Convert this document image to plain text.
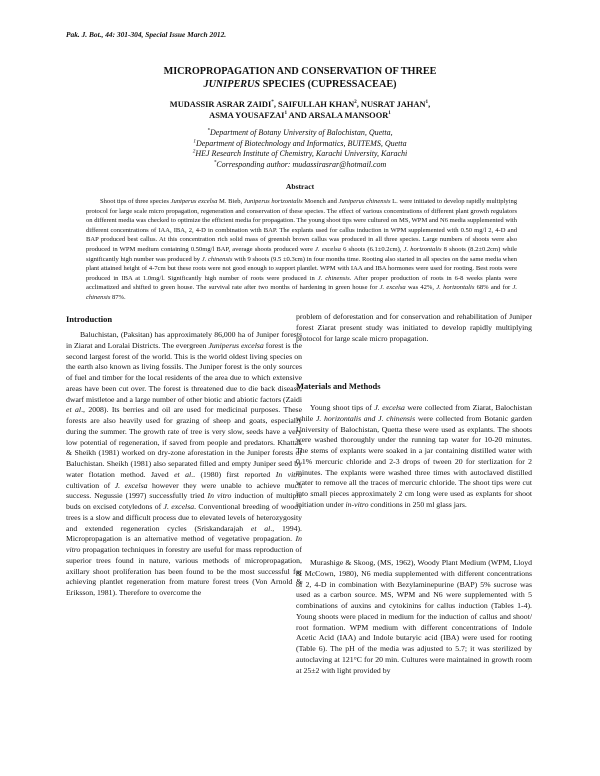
Pak. J. Bot., 44: 301-304, Special Issue March 2012.
MICROPROPAGATION AND CONSERVATION OF THREE
JUNIPERUS SPECIES (CUPRESSACEAE)
MUDASSIR ASRAR ZAIDI*, SAIFULLAH KHAN$^2$, NUSRAT JAHAN$^1$,
ASMA YOUSAFZAI$^1$ AND ARSALA MANSOOR$^1$
*Department of Botany University of Balochistan, Quetta,
$^1$Department of Biotechnology and Informatics, BUITEMS, Quetta
$^2$HEJ Research Institute of Chemistry, Karachi University, Karachi
*Corresponding author: mudassirasrar@hotmail.com
Abstract

Shoot tips of three species Juniperus excelsa M. Bieb, Juniperus horizontalis Moench and Juniperus chinensis L. were initiated to develop rapidly multiplying protocol for large scale micro propagation, regeneration and conservation of these species. The effect of various concentrations of different plant growth regulators on different media was checked to optimize the efficient media for propagation. The young shoot tips were cultured on MS, WPM and N6 media supplemented with different concentrations of IAA, IBA, 2, 4-D in combination with BAP. The explants used for callus induction in WPM supplemented with 0.50 mg/l 2, 4-D and BAP produced best callus. At this concentration rich solid mass of greenish brown callus was produced in all three species. Large numbers of shoots were also produced in WPM medium containing 0.50mg/l BAP, average shoots produced were J. excelsa 6 shoots (6.1±0.2cm), J. horizontalis 8 shoots (8.2±0.2cm) while significantly high number was produced by J. chinensis with 9 shoots (9.5 ±0.3cm) in four months time. Rooting also started in all species on the same media when plant attained height of 4-7cm but these roots were not good enough to support plantlet. WPM with IAA and IBA hormones were used for rooting. Best roots were produced in IBA at 1.0mg/l. Significantly high number of roots were produced in J. chinensis. After proper production of roots in 6-8 weeks plants were acclimatized and shifted to green house. The survival rate after two months of hardening in green house for J. excelsa was 42%, J. horizontalis 68% and for J. chinensis 87%.

Introduction

Baluchistan, (Paksitan) has approximately 86,000 ha of Juniper forests in Ziarat and Loralai Districts. The evergreen Juniperus excelsa forest is the second largest forest of the world. This is the world oldest living species on the earth also known as living fossils. The Juniper forest is the only sources of fuel and timber for the local residents of the area due to which extensive areas have been cut over. The forest is threatened due to die back disease, dwarf mistletoe and a large number of other biotic and abiotic factors (Zaidi et al., 2008). Its berries and oil are used for medicinal purposes. These forests are also heavily used for grazing of sheep and goats, especially during the summer. The growth rate of tree is very slow, seeds have a very low potential of regeneration, if saved from people and predators. Khattak & Sheikh (1981) worked on dry-zone aforestation in the Juniper forests of Baluchistan. Sheikh (1981) also separated filled and empty Juniper seed by water flotation method. Javed et al.. (1980) first reported In vitro cultivation of J. excelsa however they were unable to achieve much success. Negussie (1997) successfully tried In vitro induction of multiple buds on excised cotyledons of J. excelsa. Conventional breeding of woody trees is a slow and difficult process due to elevated levels of heterozygosity and extended regeneration cycles (Sriskandarajah et al., 1994). Micropropagation is an alternative method of vegetative propagation. In vitro propagation techniques in forestry are useful for mass reproduction of superior trees found in nature, various methods of micropropagation, axillary shoot proliferation has been found to be the most successful for achieving plantlet regeneration from mature forest trees (Von Arnold & Eriksson, 1981). Therefore to overcome the

problem of deforestation and for conservation and rehabilitation of Juniper forest Ziarat present study was initiated to develop rapidly multiplying protocol for large scale micro propagation.

Materials and Methods

Young shoot tips of J. excelsa were collected from Ziarat, Balochistan while J. horizontalis and J. chinensis were collected from Botanic garden University of Balochistan, Quetta these were used as explants. The shoots were washed thoroughly under the running tap water for 10-20 minutes. The stems of explants were soaked in a jar containing distilled water with 0.1% mercuric chloride and 2-3 drops of tween 20 for sterlization for 2 minutes. The explants were washed three times with autoclaved distilled water to remove all the traces of mercuric chloride. The shoot tips were cut into small pieces approximately 2 cm long were used as explants for shoot initiation under in-vitro conditions in 250 ml glass jars.

Murashige & Skoog, (MS, 1962), Woody Plant Medium (WPM, Lloyd & McCown, 1980), N6 media supplemented with different concentrations of 2, 4-D in combination with Bezylaminepurine (BAP) 5% sucrose was used as a carbon source. MS, WPM and N6 were supplemented with 5 combinations of auxins and cytokinins for callus induction (Tables 1-4). Young shoots were placed in medium for the induction of callus and shoot/ root formation. WPM medium with different concentrations of Indole Acetic Acid (IAA) and Indole butaryic acid (IBA) were used for rooting (Table 6). The pH of the media was adjusted to 5.7; it was sterilized by autoclaving at 121°C for 20 min. Cultures were maintained in growth room at 25±2 with light provided by
